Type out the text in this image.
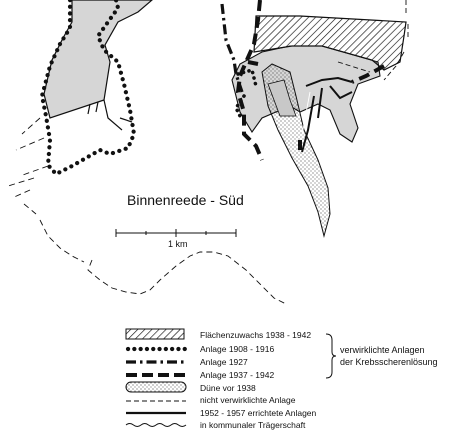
Binnenreede - Süd
1 km
Flächenzuwachs 1938 - 1942
Anlage 1908 - 1916
Anlage 1927
Anlage 1937 - 1942
Düne vor 1938
nicht verwirklichte Anlage
1952 - 1957 errichtete Anlagen
in kommunaler Trägerschaft
verwirklichte Anlagen
der Krebsscherenlösung
